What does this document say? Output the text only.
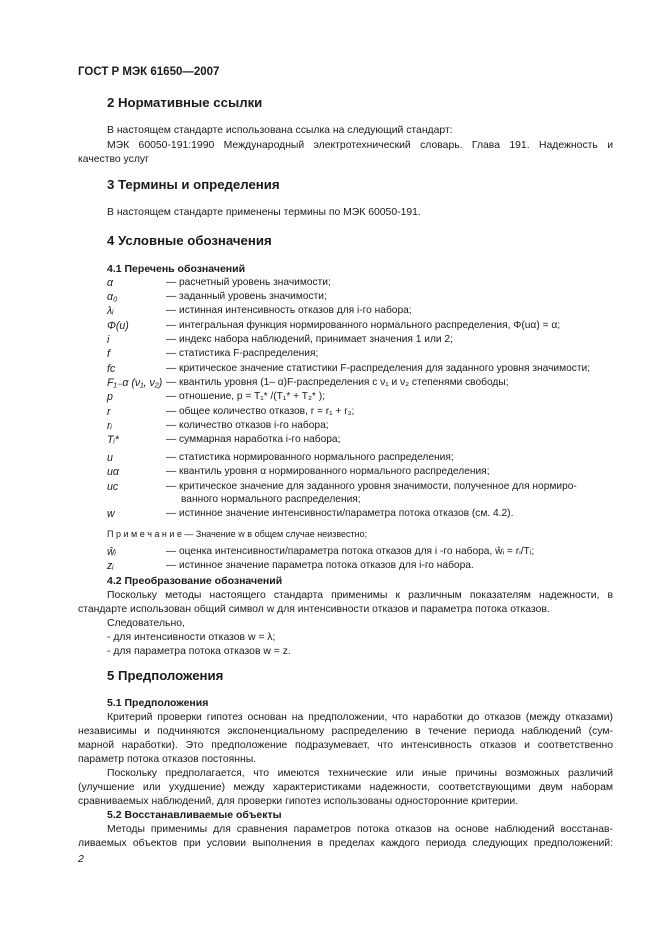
ГОСТ Р МЭК 61650—2007
2 Нормативные ссылки
В настоящем стандарте использована ссылка на следующий стандарт:
МЭК 60050-191:1990 Международный электротехнический словарь. Глава 191. Надежность и
качество услуг
3 Термины и определения
В настоящем стандарте применены термины по МЭК 60050-191.
4 Условные обозначения
4.1 Перечень обозначений
α	— расчетный уровень значимости;
α₀	— заданный уровень значимости;
λᵢ	— истинная интенсивность отказов для i-го набора;
Φ(u)	— интегральная функция нормированного нормального распределения, Φ(uα) = α;
i	— индекс набора наблюдений, принимает значения 1 или 2;
f	— статистика F-распределения;
fc	— критическое значение статистики F-распределения для заданного уровня значимости;
F₁₋α (ν₁, ν₂) — квантиль уровня (1– α)F-распределения с ν₁ и ν₂ степенями свободы;
p	— отношение, p = T₁* /(T₁* + T₂* );
r	— общее количество отказов, r = r₁ + r₂;
rᵢ	— количество отказов i-го набора;
Tᵢ*	— суммарная наработка i-го набора;
u	— статистика нормированного нормального распределения;
uα	— квантиль уровня α нормированного нормального распределения;
uc	— критическое значение для заданного уровня значимости, полученное для нормиро-
ванного нормального распределения;
w	— истинное значение интенсивности/параметра потока отказов (см. 4.2).
П р и м е ч а н и е — Значение w в общем случае неизвестно;
ŵᵢ	— оценка интенсивности/параметра потока отказов для i -го набора, ŵᵢ = rᵢ/Tᵢ;
zᵢ	— истинное значение параметра потока отказов для i-го набора.
4.2 Преобразование обозначений
Поскольку методы настоящего стандарта применимы к различным показателям надежности, в
стандарте использован общий символ w для интенсивности отказов и параметра потока отказов.
Следовательно,
- для интенсивности отказов w = λ;
- для параметра потока отказов w = z.
5 Предположения
5.1 Предположения
Критерий проверки гипотез основан на предположении, что наработки до отказов (между отказами)
независимы и подчиняются экспоненциальному распределению в течение периода наблюдений (сум-
марной наработки). Это предположение подразумевает, что интенсивность отказов и соответственно
параметр потока отказов постоянны.
Поскольку предполагается, что имеются технические или иные причины возможных различий
(улучшение или ухудшение) между характеристиками надежности, соответствующими двум наборам
сравниваемых наблюдений, для проверки гипотез использованы односторонние критерии.
5.2 Восстанавливаемые объекты
Методы применимы для сравнения параметров потока отказов на основе наблюдений восстанав-
ливаемых объектов при условии выполнения в пределах каждого периода следующих предположений:
2
